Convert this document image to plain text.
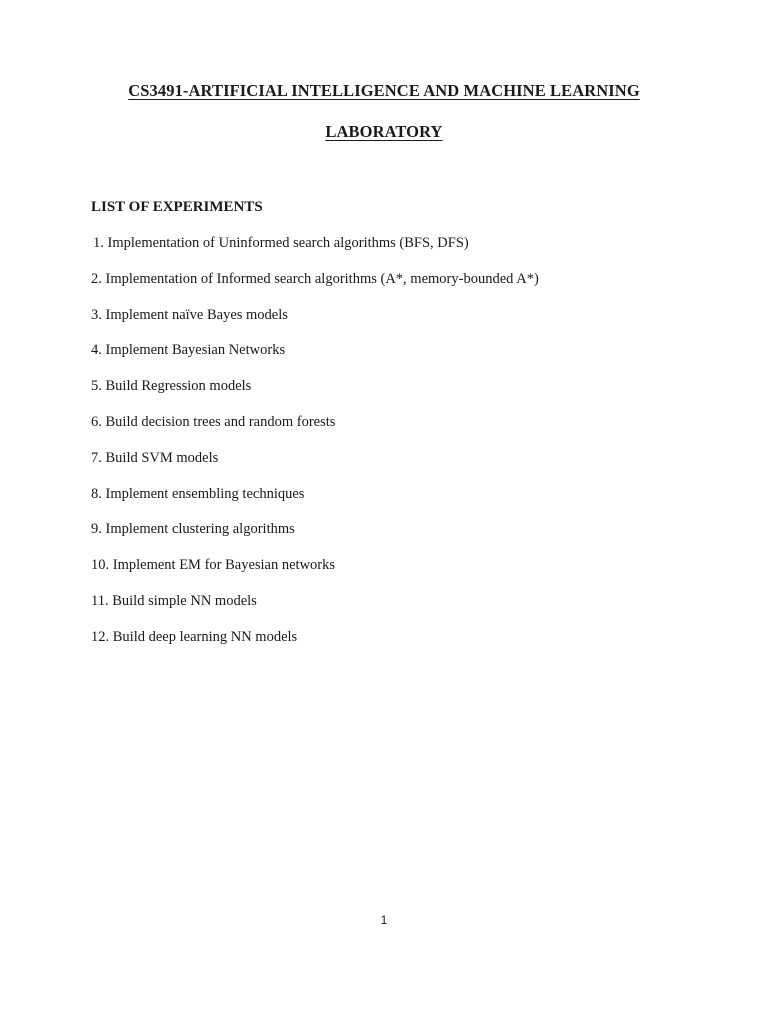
CS3491-ARTIFICIAL INTELLIGENCE AND MACHINE LEARNING
LABORATORY
LIST OF EXPERIMENTS
1. Implementation of Uninformed search algorithms (BFS, DFS)
2. Implementation of Informed search algorithms (A*, memory-bounded A*)
3. Implement naïve Bayes models
4. Implement Bayesian Networks
5. Build Regression models
6. Build decision trees and random forests
7. Build SVM models
8. Implement ensembling techniques
9. Implement clustering algorithms
10. Implement EM for Bayesian networks
11. Build simple NN models
12. Build deep learning NN models
1
